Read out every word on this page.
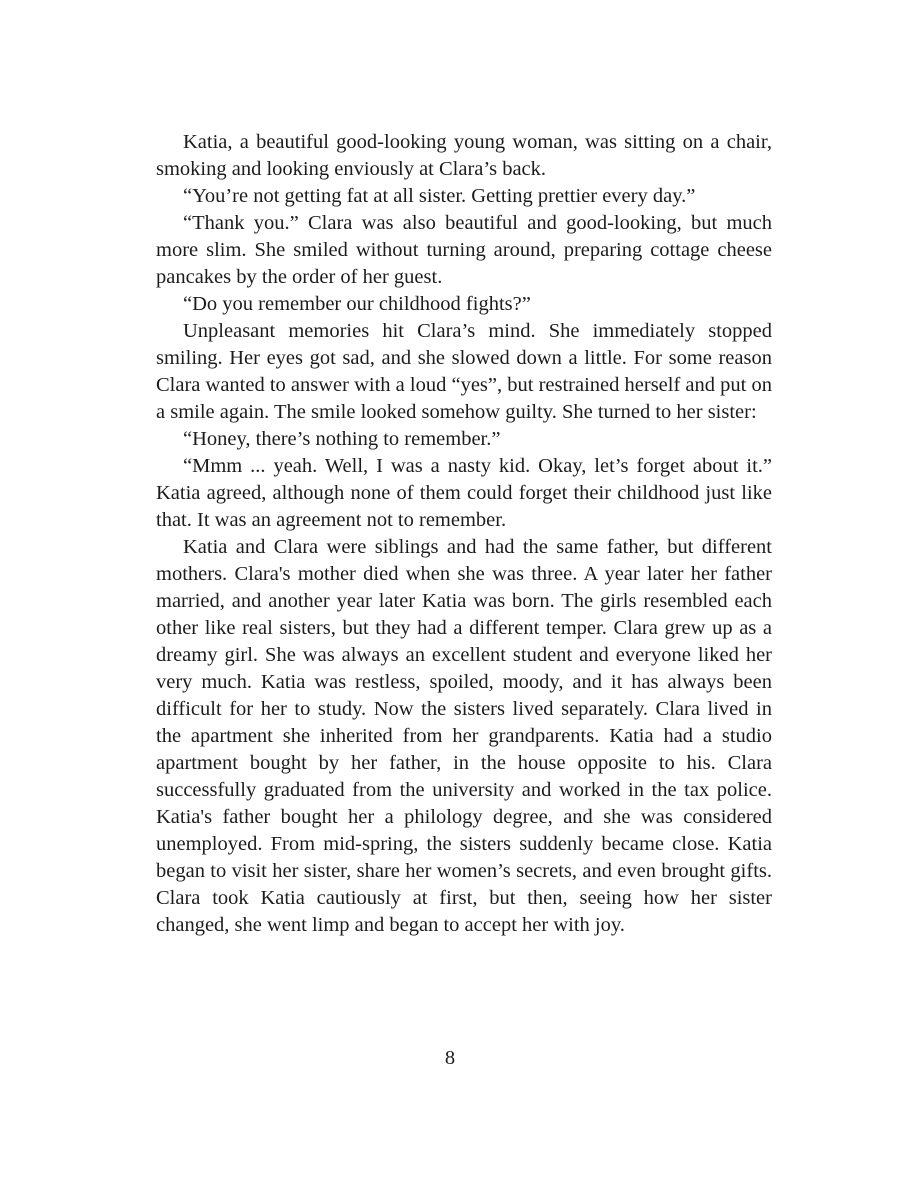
Katia, a beautiful good-looking young woman, was sitting on a chair, smoking and looking enviously at Clara’s back.

“You’re not getting fat at all sister. Getting prettier every day.”

“Thank you.” Clara was also beautiful and good-looking, but much more slim. She smiled without turning around, preparing cottage cheese pancakes by the order of her guest.

“Do you remember our childhood fights?”

Unpleasant memories hit Clara’s mind. She immediately stopped smiling. Her eyes got sad, and she slowed down a little. For some reason Clara wanted to answer with a loud “yes”, but restrained herself and put on a smile again. The smile looked somehow guilty. She turned to her sister:

“Honey, there’s nothing to remember.”

“Mmm ... yeah. Well, I was a nasty kid. Okay, let’s forget about it.” Katia agreed, although none of them could forget their childhood just like that. It was an agreement not to remember.

Katia and Clara were siblings and had the same father, but different mothers. Clara's mother died when she was three. A year later her father married, and another year later Katia was born. The girls resembled each other like real sisters, but they had a different temper. Clara grew up as a dreamy girl. She was always an excellent student and everyone liked her very much. Katia was restless, spoiled, moody, and it has always been difficult for her to study. Now the sisters lived separately. Clara lived in the apartment she inherited from her grandparents. Katia had a studio apartment bought by her father, in the house opposite to his. Clara successfully graduated from the university and worked in the tax police. Katia's father bought her a philology degree, and she was considered unemployed. From mid-spring, the sisters suddenly became close. Katia began to visit her sister, share her women’s secrets, and even brought gifts. Clara took Katia cautiously at first, but then, seeing how her sister changed, she went limp and began to accept her with joy.

8
